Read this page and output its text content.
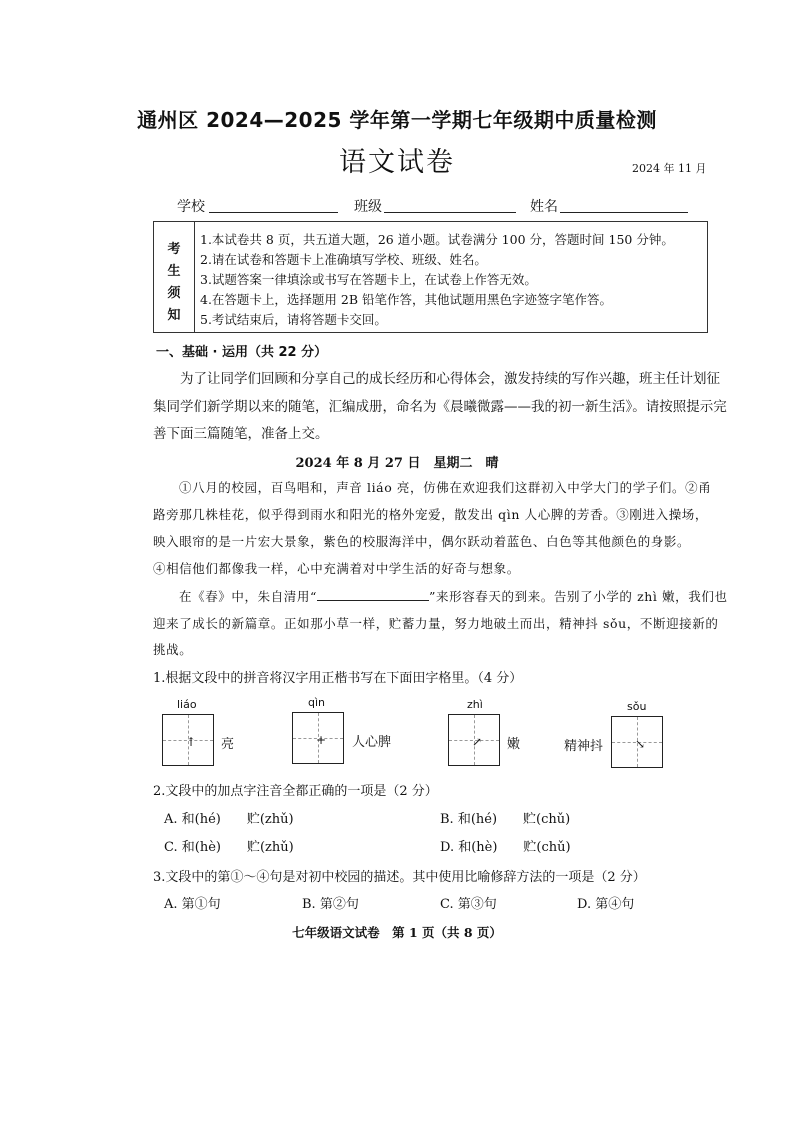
通州区 2024—2025 学年第一学期七年级期中质量检测
语文试卷	2024 年 11 月
学校	班级	姓名
考
生
须
知
1.本试卷共 8 页，共五道大题，26 道小题。试卷满分 100 分，答题时间 150 分钟。
2.请在试卷和答题卡上准确填写学校、班级、姓名。
3.试题答案一律填涂或书写在答题卡上，在试卷上作答无效。
4.在答题卡上，选择题用 2B 铅笔作答，其他试题用黑色字迹签字笔作答。
5.考试结束后，请将答题卡交回。
一、基础 · 运用（共 22 分）
为了让同学们回顾和分享自己的成长经历和心得体会，激发持续的写作兴趣，班主任计划征
集同学们新学期以来的随笔，汇编成册，命名为《晨曦微露——我的初一新生活》。请按照提示完
善下面三篇随笔，准备上交。
2024 年 8 月 27 日　星期二　晴
①八月的校园，百鸟唱和，声音 liáo 亮，仿佛在欢迎我们这群初入中学大门的学子们。②甬
路旁那几株桂花，似乎得到雨水和阳光的格外宠爱，散发出 qìn 人心脾的芳香。③刚进入操场，
映入眼帘的是一片宏大景象，紫色的校服海洋中，偶尔跃动着蓝色、白色等其他颜色的身影。
④相信他们都像我一样，心中充满着对中学生活的好奇与想象。
在《春》中，朱自清用“	”来形容春天的到来。告别了小学的 zhì 嫩，我们也
迎来了成长的新篇章。正如那小草一样，贮蓄力量，努力地破土而出，精神抖 sǒu，不断迎接新的
挑战。
1.根据文段中的拼音将汉字用正楷书写在下面田字格里。（4 分）
liáo
↑ 亮
qìn
+ 人心脾
zhì
↗ 嫩
sǒu
精神抖	↘
2.文段中的加点字注音全都正确的一项是（2 分）
A. 和(hé)　　贮(zhǔ)	B. 和(hé)　　贮(chǔ)
C. 和(hè)　　贮(zhǔ)	D. 和(hè)　　贮(chǔ)
3.文段中的第①～④句是对初中校园的描述。其中使用比喻修辞方法的一项是（2 分）
A. 第①句	B. 第②句	C. 第③句	D. 第④句
七年级语文试卷　第 1 页（共 8 页）
